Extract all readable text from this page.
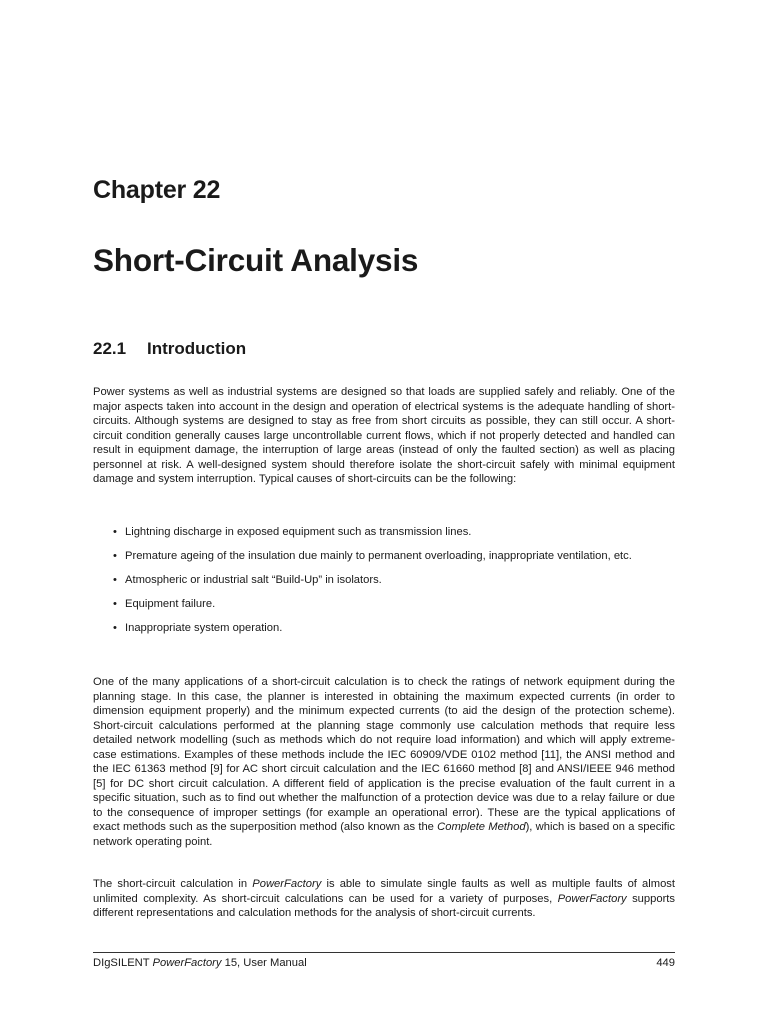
Chapter 22
Short-Circuit Analysis
22.1 Introduction

Power systems as well as industrial systems are designed so that loads are supplied safely and reliably. One of the major aspects taken into account in the design and operation of electrical systems is the adequate handling of short-circuits. Although systems are designed to stay as free from short circuits as possible, they can still occur. A short-circuit condition generally causes large uncontrollable current flows, which if not properly detected and handled can result in equipment damage, the interruption of large areas (instead of only the faulted section) as well as placing personnel at risk. A well-designed system should therefore isolate the short-circuit safely with minimal equipment damage and system interruption. Typical causes of short-circuits can be the following:

• Lightning discharge in exposed equipment such as transmission lines.
• Premature ageing of the insulation due mainly to permanent overloading, inappropriate ventilation, etc.
• Atmospheric or industrial salt “Build-Up” in isolators.
• Equipment failure.
• Inappropriate system operation.

One of the many applications of a short-circuit calculation is to check the ratings of network equipment during the planning stage. In this case, the planner is interested in obtaining the maximum expected currents (in order to dimension equipment properly) and the minimum expected currents (to aid the design of the protection scheme). Short-circuit calculations performed at the planning stage commonly use calculation methods that require less detailed network modelling (such as methods which do not require load information) and which will apply extreme-case estimations. Examples of these methods include the IEC 60909/VDE 0102 method [11], the ANSI method and the IEC 61363 method [9] for AC short circuit calculation and the IEC 61660 method [8] and ANSI/IEEE 946 method [5] for DC short circuit calculation. A different field of application is the precise evaluation of the fault current in a specific situation, such as to find out whether the malfunction of a protection device was due to a relay failure or due to the consequence of improper settings (for example an operational error). These are the typical applications of exact methods such as the superposition method (also known as the Complete Method), which is based on a specific network operating point.

The short-circuit calculation in PowerFactory is able to simulate single faults as well as multiple faults of almost unlimited complexity. As short-circuit calculations can be used for a variety of purposes, PowerFactory supports different representations and calculation methods for the analysis of short-circuit currents.

DIgSILENT PowerFactory 15, User Manual	449
